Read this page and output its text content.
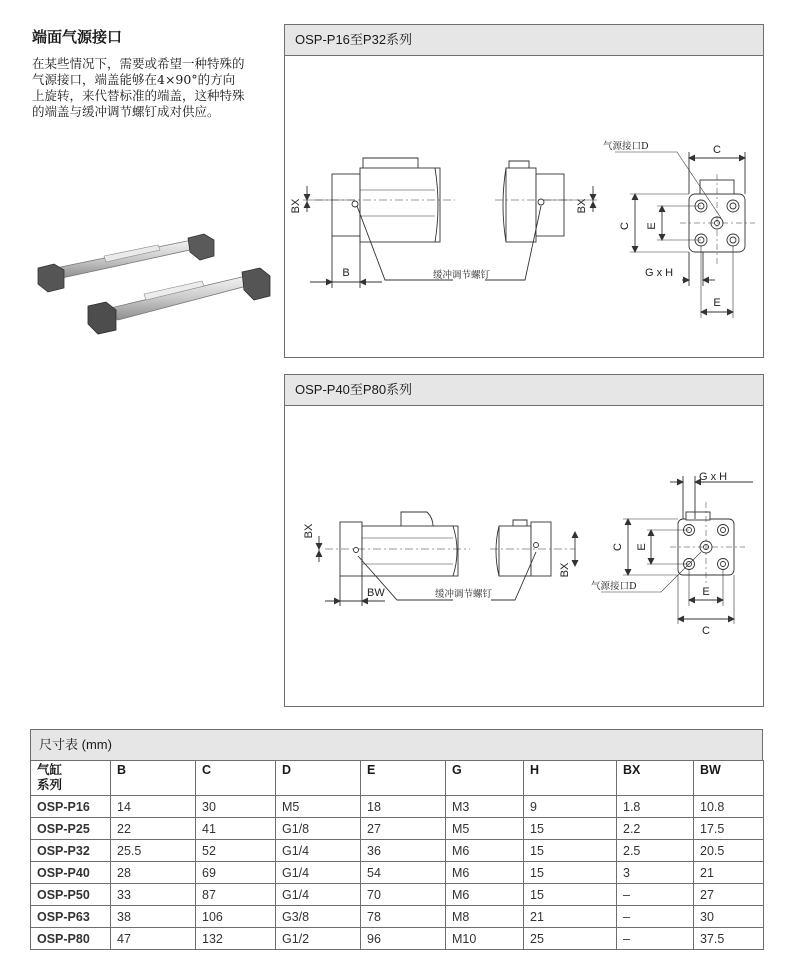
端面气源接口
在某些情况下，需要或希望一种特殊的气源接口，端盖能够在4×90°的方向上旋转，来代替标准的端盖，这种特殊的端盖与缓冲调节螺钉成对供应。
OSP-P16至P32系列
BX
B	缓冲调节螺钉
BX
气源接口D	C
C E
G x H
E
OSP-P40至P80系列
BX
BW	缓冲调节螺钉
BX
G x H
C E
气源接口D	E
C
尺寸表 (mm)
气缸
系列	B	C	D	E	G	H	BX	BW
OSP-P16	14	30	M5	18	M3	9	1.8	10.8
OSP-P25	22	41	G1/8	27	M5	15	2.2	17.5
OSP-P32	25.5	52	G1/4	36	M6	15	2.5	20.5
OSP-P40	28	69	G1/4	54	M6	15	3	21
OSP-P50	33	87	G1/4	70	M6	15	–	27
OSP-P63	38	106	G3/8	78	M8	21	–	30
OSP-P80	47	132	G1/2	96	M10	25	–	37.5
